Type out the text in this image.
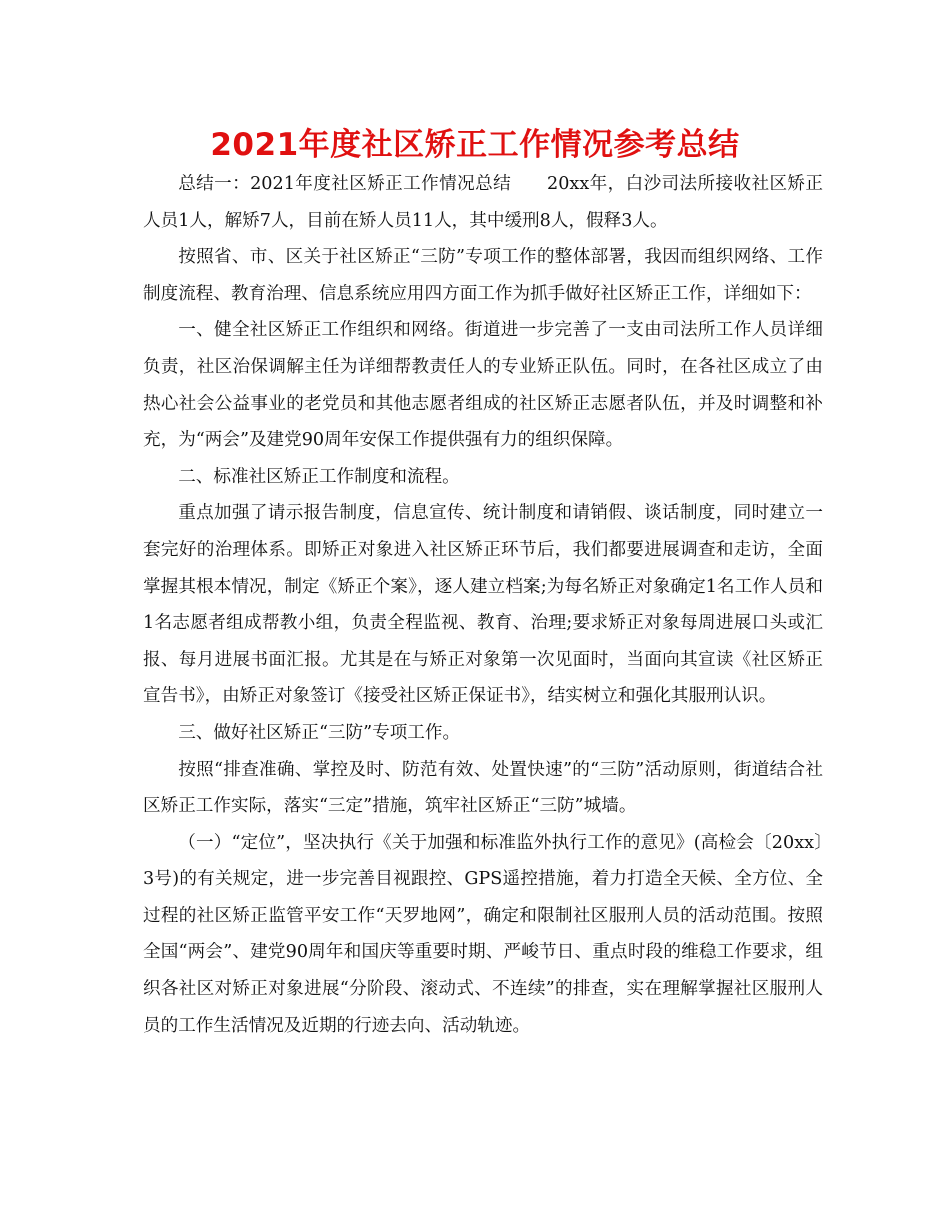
2021年度社区矫正工作情况参考总结

总结一：2021年度社区矫正工作情况总结　　20xx年，白沙司法所接收社区矫正人员1人，解矫7人，目前在矫人员11人，其中缓刑8人，假释3人。

按照省、市、区关于社区矫正“三防”专项工作的整体部署，我因而组织网络、工作制度流程、教育治理、信息系统应用四方面工作为抓手做好社区矫正工作，详细如下：

一、健全社区矫正工作组织和网络。街道进一步完善了一支由司法所工作人员详细负责，社区治保调解主任为详细帮教责任人的专业矫正队伍。同时，在各社区成立了由热心社会公益事业的老党员和其他志愿者组成的社区矫正志愿者队伍，并及时调整和补充，为“两会”及建党90周年安保工作提供强有力的组织保障。

二、标准社区矫正工作制度和流程。

重点加强了请示报告制度，信息宣传、统计制度和请销假、谈话制度，同时建立一套完好的治理体系。即矫正对象进入社区矫正环节后，我们都要进展调查和走访，全面掌握其根本情况，制定《矫正个案》，逐人建立档案;为每名矫正对象确定1名工作人员和1名志愿者组成帮教小组，负责全程监视、教育、治理;要求矫正对象每周进展口头或汇报、每月进展书面汇报。尤其是在与矫正对象第一次见面时，当面向其宣读《社区矫正宣告书》，由矫正对象签订《接受社区矫正保证书》，结实树立和强化其服刑认识。

三、做好社区矫正“三防”专项工作。

按照“排查准确、掌控及时、防范有效、处置快速”的“三防”活动原则，街道结合社区矫正工作实际，落实“三定”措施，筑牢社区矫正“三防”城墙。

（一）“定位”，坚决执行《关于加强和标准监外执行工作的意见》(高检会〔20xx〕3号)的有关规定，进一步完善目视跟控、GPS遥控措施，着力打造全天候、全方位、全过程的社区矫正监管平安工作“天罗地网”，确定和限制社区服刑人员的活动范围。按照全国“两会”、建党90周年和国庆等重要时期、严峻节日、重点时段的维稳工作要求，组织各社区对矫正对象进展“分阶段、滚动式、不连续”的排查，实在理解掌握社区服刑人员的工作生活情况及近期的行迹去向、活动轨迹。
